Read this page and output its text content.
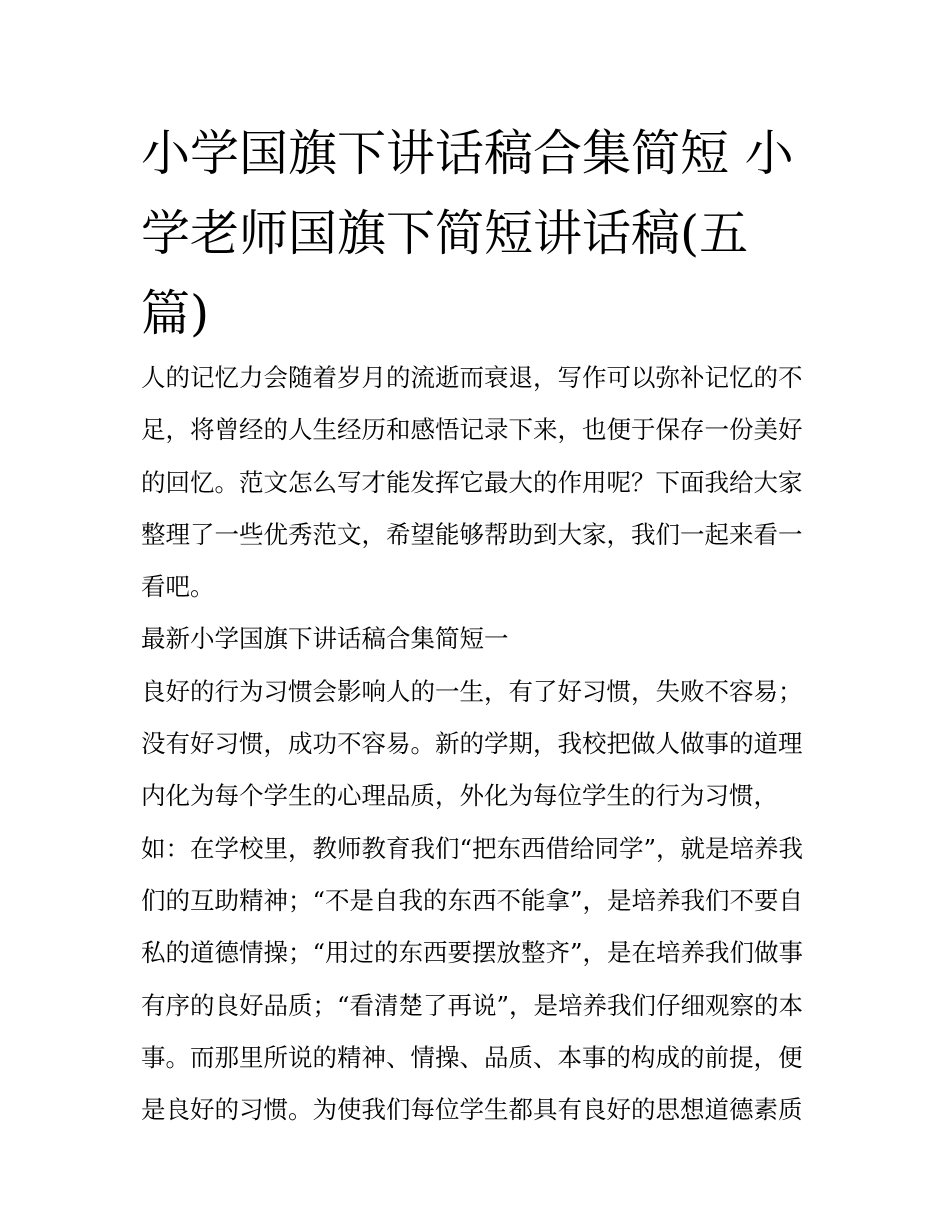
小学国旗下讲话稿合集简短 小
学老师国旗下简短讲话稿(五
篇)
人的记忆力会随着岁月的流逝而衰退，写作可以弥补记忆的不
足，将曾经的人生经历和感悟记录下来，也便于保存一份美好
的回忆。范文怎么写才能发挥它最大的作用呢？下面我给大家
整理了一些优秀范文，希望能够帮助到大家，我们一起来看一
看吧。
最新小学国旗下讲话稿合集简短一
良好的行为习惯会影响人的一生，有了好习惯，失败不容易；
没有好习惯，成功不容易。新的学期，我校把做人做事的道理
内化为每个学生的心理品质，外化为每位学生的行为习惯，
如：在学校里，教师教育我们“把东西借给同学”，就是培养我
们的互助精神；“不是自我的东西不能拿”，是培养我们不要自
私的道德情操；“用过的东西要摆放整齐”，是在培养我们做事
有序的良好品质；“看清楚了再说”，是培养我们仔细观察的本
事。而那里所说的精神、情操、品质、本事的构成的前提，便
是良好的习惯。为使我们每位学生都具有良好的思想道德素质
